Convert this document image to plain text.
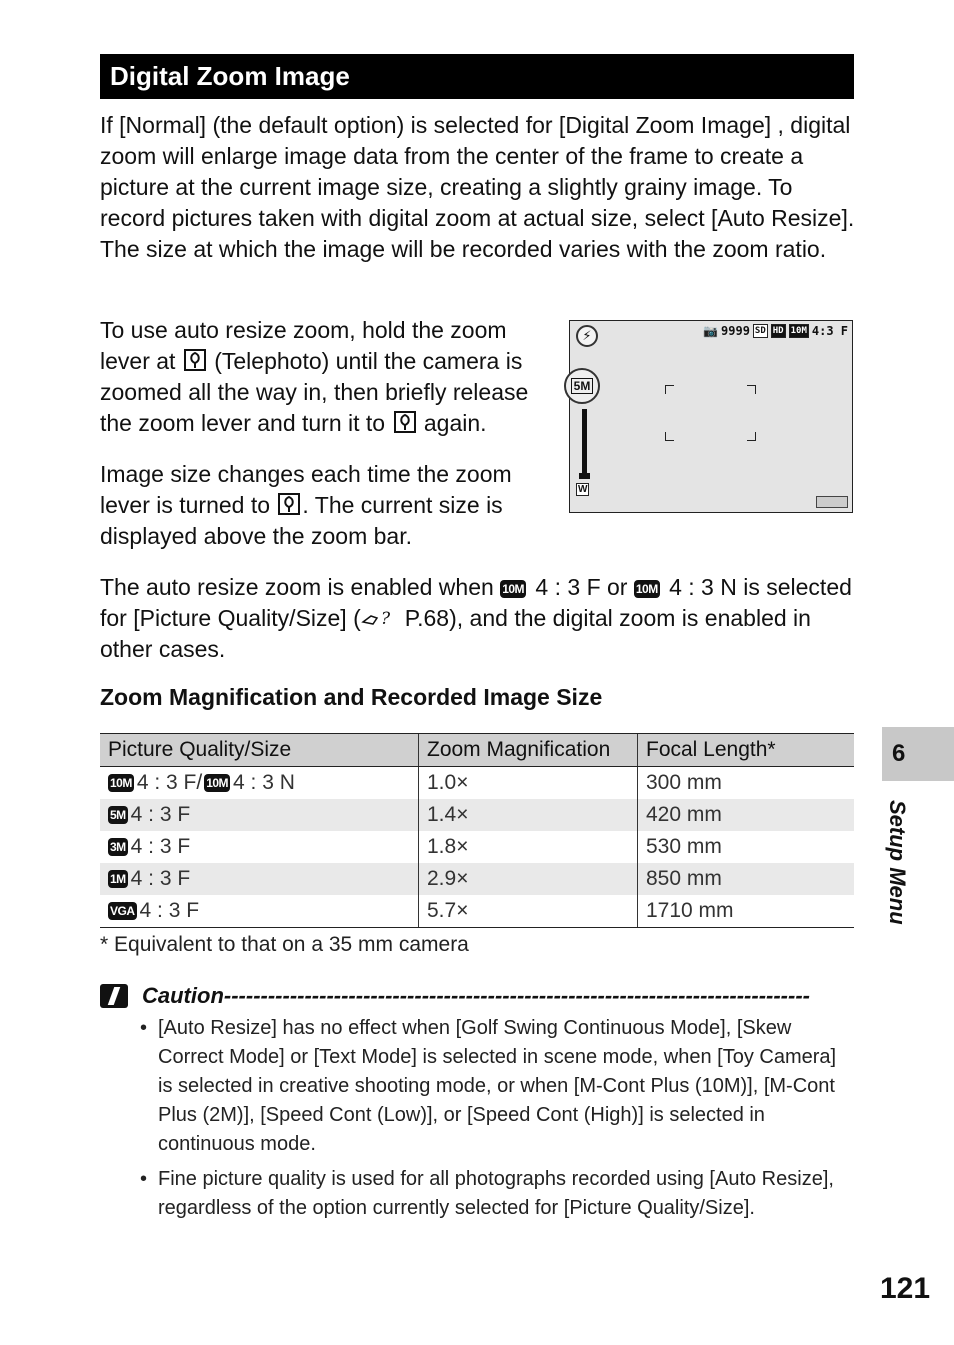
Digital Zoom Image

If [Normal] (the default option) is selected for [Digital Zoom Image] , digital zoom will enlarge image data from the center of the frame to create a picture at the current image size, creating a slightly grainy image. To record pictures taken with digital zoom at actual size, select [Auto Resize]. The size at which the image will be recorded varies with the zoom ratio.

To use auto resize zoom, hold the zoom lever at  (Telephoto) until the camera is zoomed all the way in, then briefly release the zoom lever and turn it to  again.

Image size changes each time the zoom lever is turned to . The current size is displayed above the zoom bar.

⚡	📷 9999 SD HD 10M 4:3 F
5M
W

The auto resize zoom is enabled when 10M 4 : 3 F or 10M 4 : 3 N is selected for [Picture Quality/Size] ( ? P.68), and the digital zoom is enabled in other cases.

Zoom Magnification and Recorded Image Size
Picture Quality/Size	Zoom Magnification	Focal Length*
10M 4 : 3 F/ 10M 4 : 3 N	1.0×	300 mm
5M 4 : 3 F	1.4×	420 mm
3M 4 : 3 F	1.8×	530 mm
1M 4 : 3 F	2.9×	850 mm
VGA 4 : 3 F	5.7×	1710 mm
* Equivalent to that on a 35 mm camera
Caution --------------------------------------------------------------------------------
• [Auto Resize] has no effect when [Golf Swing Continuous Mode], [Skew Correct Mode] or [Text Mode] is selected in scene mode, when [Toy Camera] is selected in creative shooting mode, or when [M-Cont Plus (10M)], [M-Cont Plus (2M)], [Speed Cont (Low)], or [Speed Cont (High)] is selected in continuous mode.
• Fine picture quality is used for all photographs recorded using [Auto Resize], regardless of the option currently selected for [Picture Quality/Size].
6
Setup Menu
121
